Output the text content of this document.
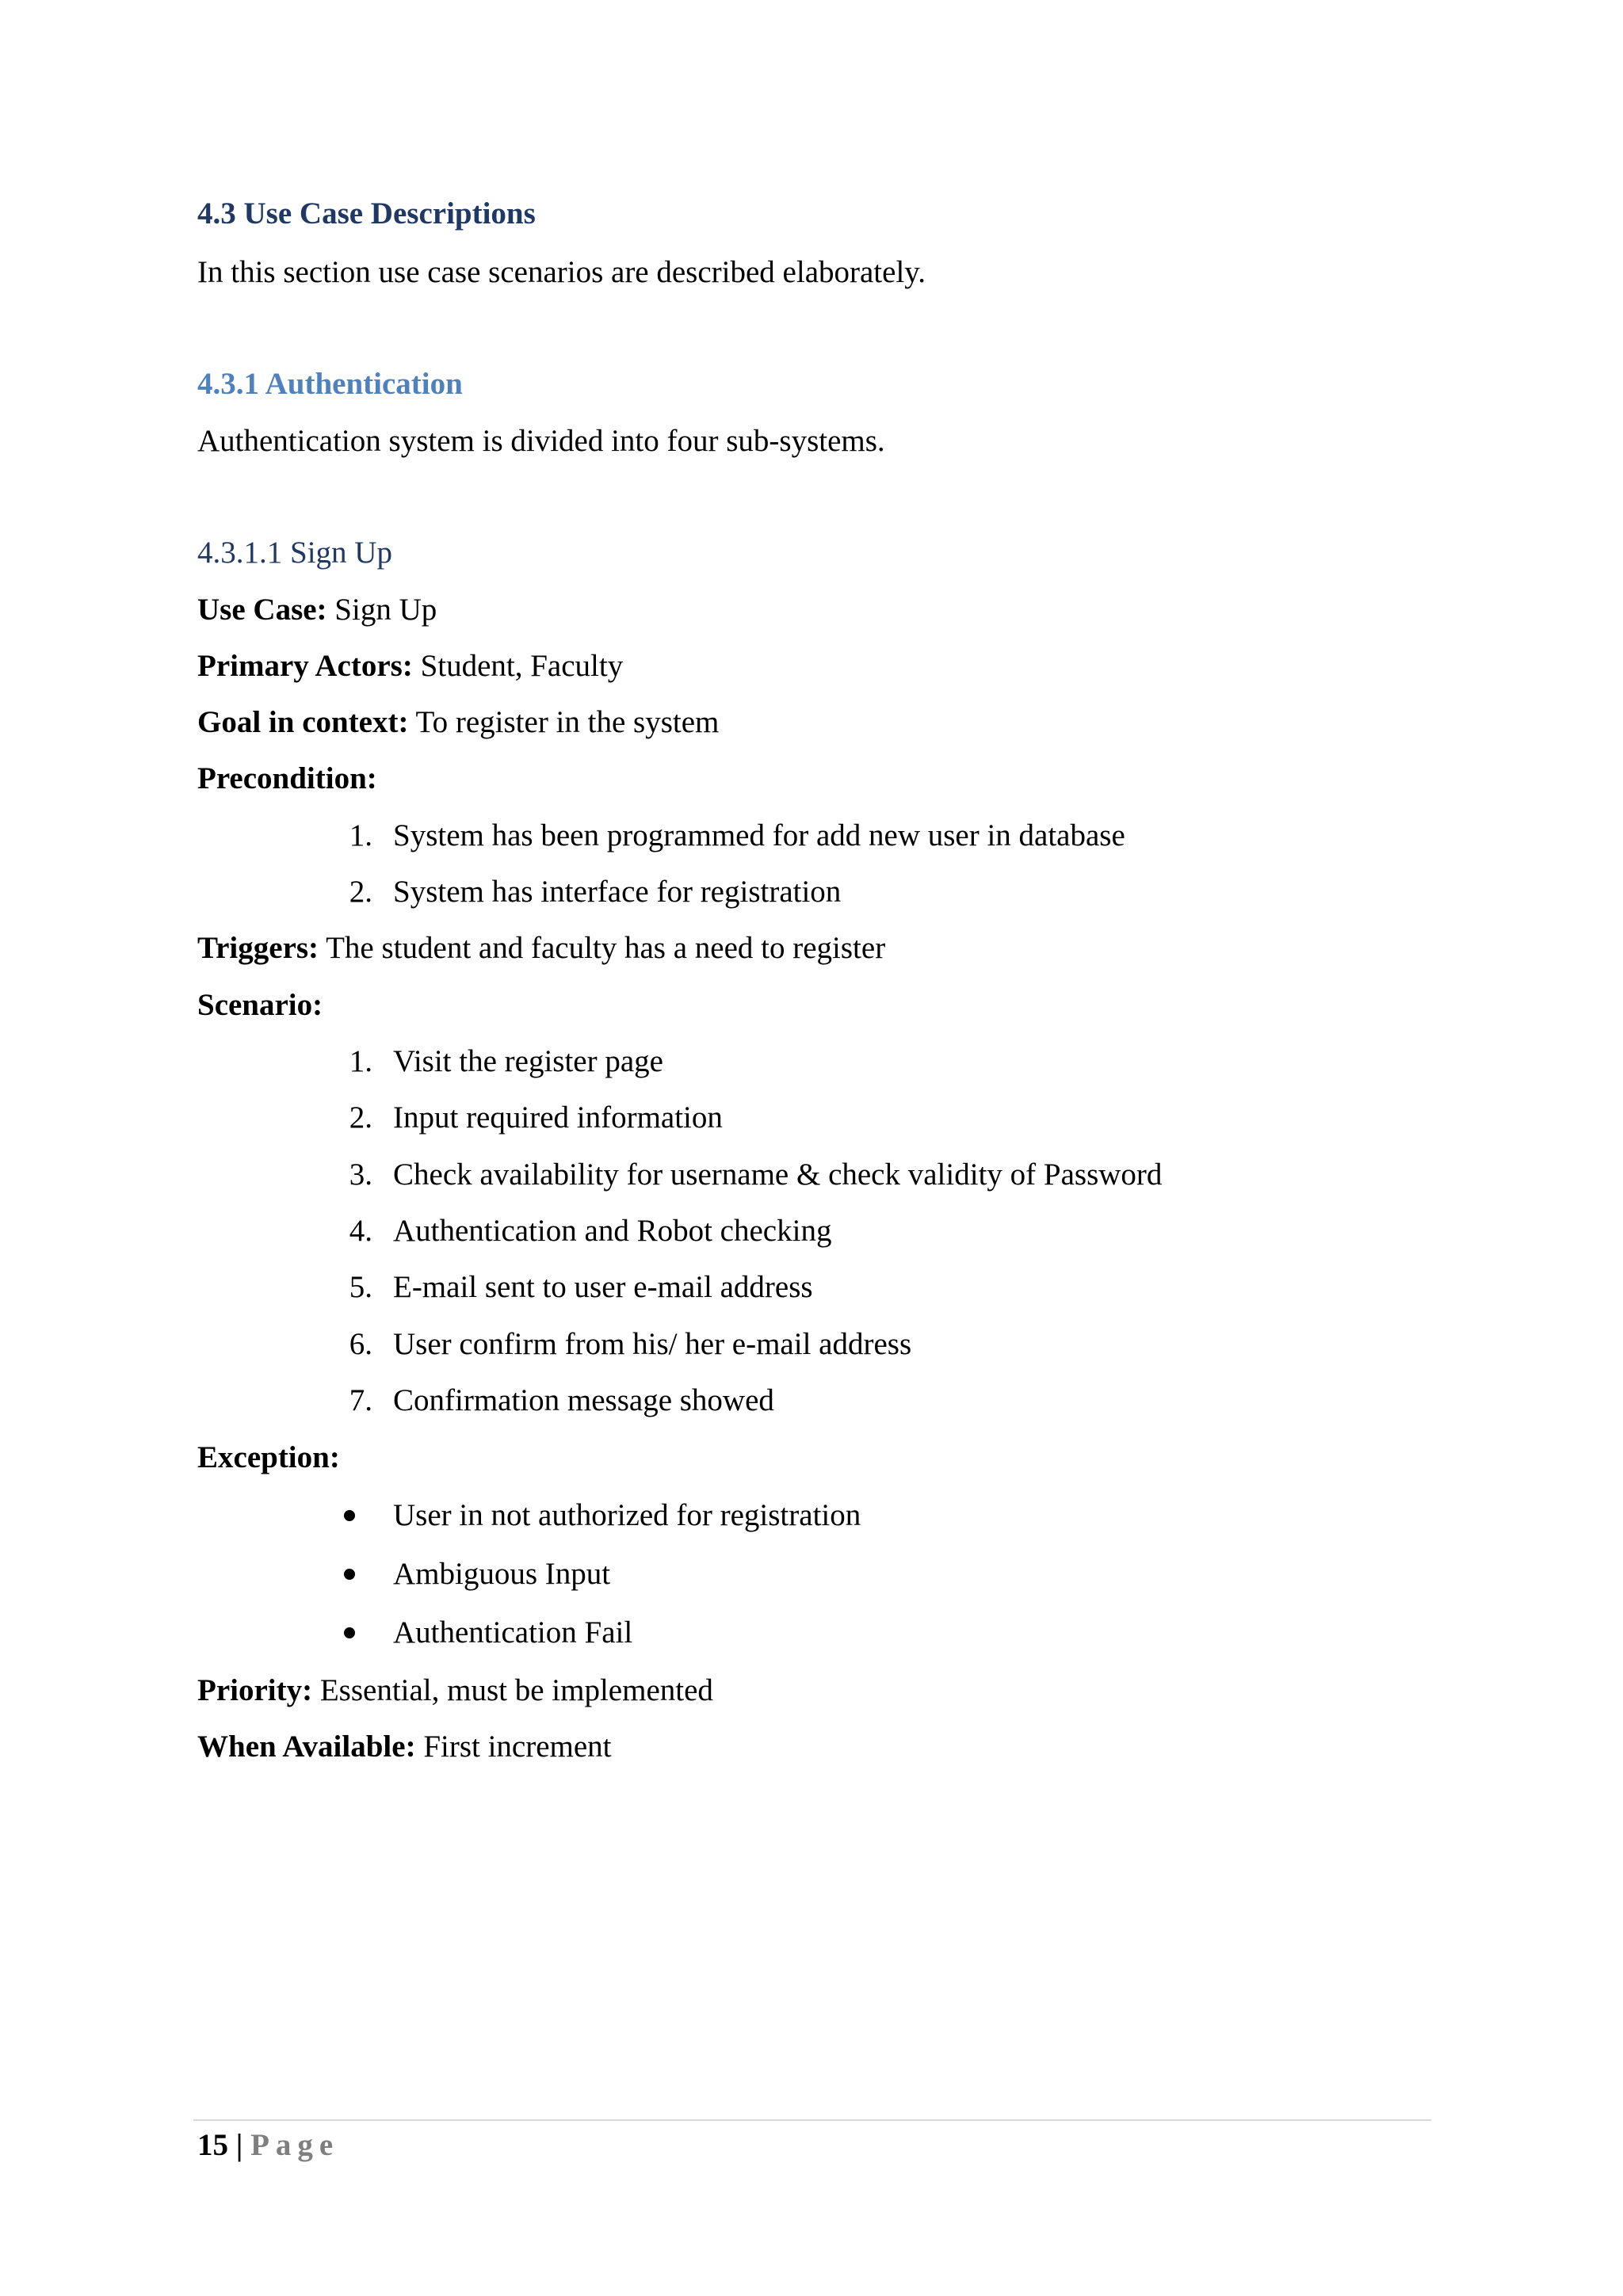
4.3 Use Case Descriptions
In this section use case scenarios are described elaborately.
4.3.1 Authentication
Authentication system is divided into four sub-systems.
4.3.1.1 Sign Up
Use Case: Sign Up
Primary Actors: Student, Faculty
Goal in context: To register in the system
Precondition:
1. System has been programmed for add new user in database
2. System has interface for registration
Triggers: The student and faculty has a need to register
Scenario:
1. Visit the register page
2. Input required information
3. Check availability for username & check validity of Password
4. Authentication and Robot checking
5. E-mail sent to user e-mail address
6. User confirm from his/ her e-mail address
7. Confirmation message showed
Exception:
User in not authorized for registration
Ambiguous Input
Authentication Fail
Priority: Essential, must be implemented
When Available: First increment
15 | Page
